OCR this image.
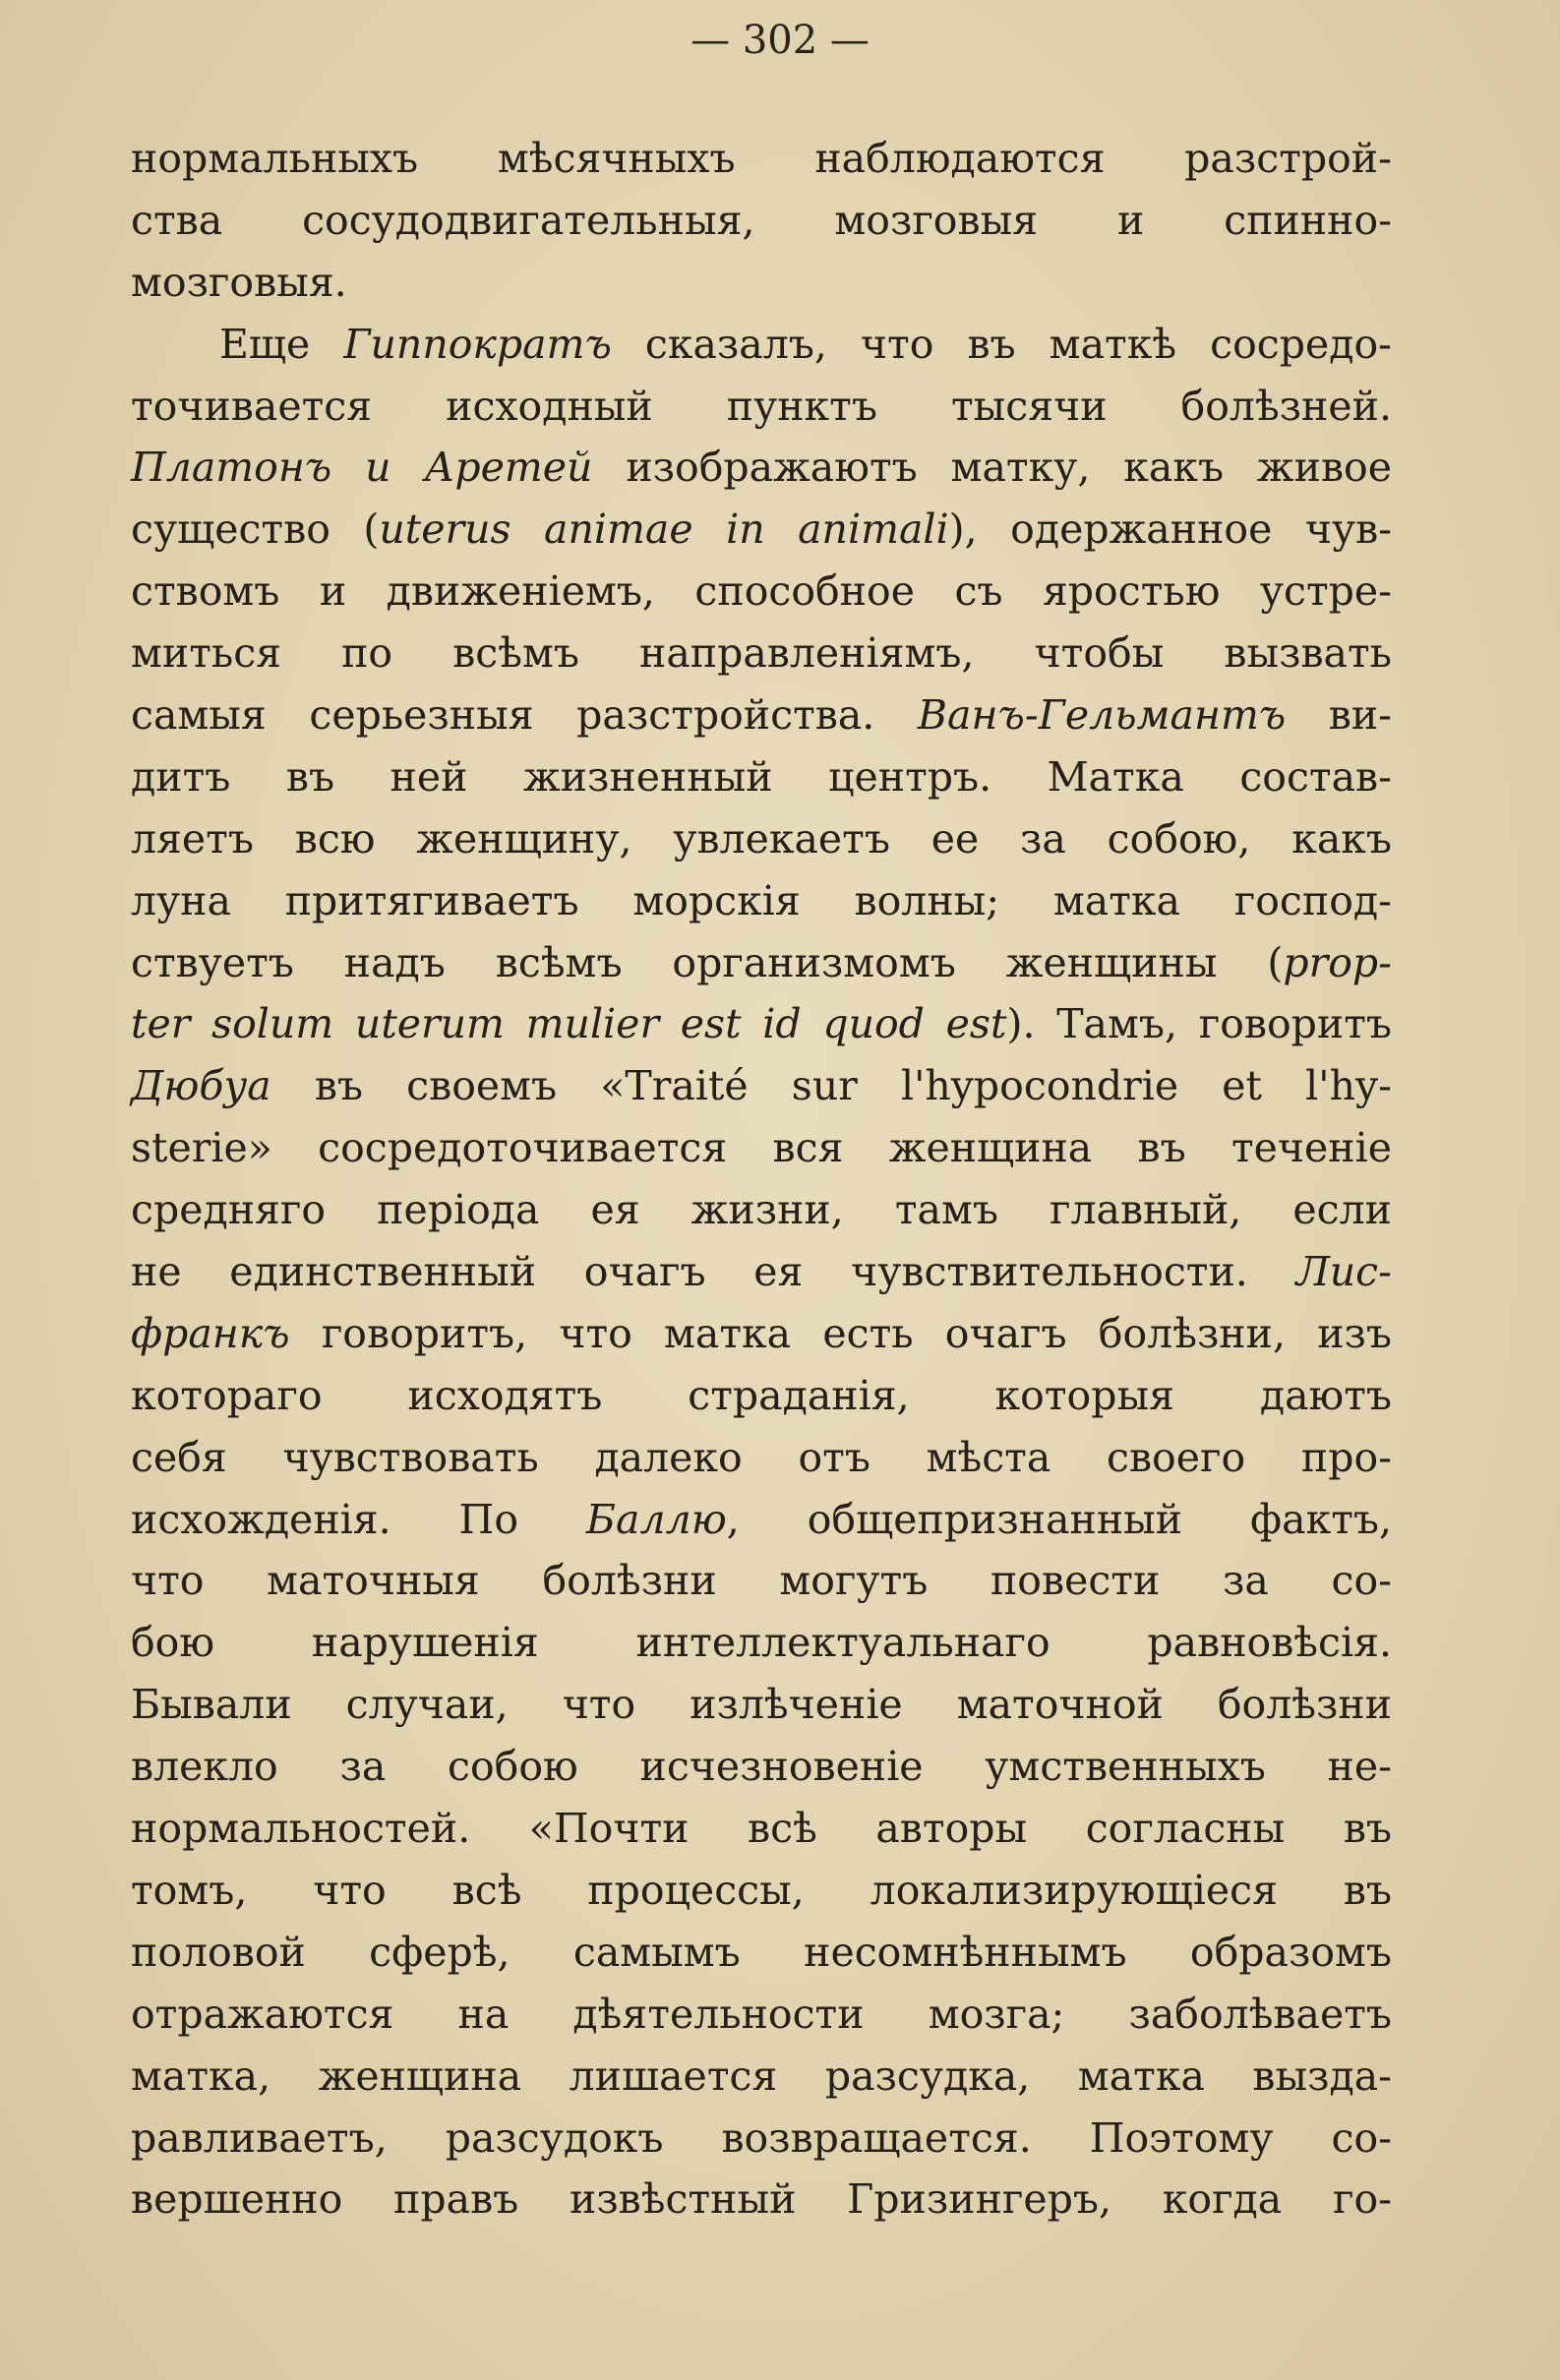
— 302 —
нормальныхъ мѣсячныхъ наблюдаются разстрой-
ства сосудодвигательныя, мозговыя и спинно-
мозговыя.
Еще Гиппократъ сказалъ, что въ маткѣ сосредо-
точивается исходный пунктъ тысячи болѣзней.
Платонъ и Аретей изображаютъ матку, какъ живое
существо (uterus animae in animali), одержанное чув-
ствомъ и движеніемъ, способное съ яростью устре-
миться по всѣмъ направленіямъ, чтобы вызвать
самыя серьезныя разстройства. Ванъ-Гельмантъ ви-
дитъ въ ней жизненный центръ. Матка состав-
ляетъ всю женщину, увлекаетъ ее за собою, какъ
луна притягиваетъ морскія волны; матка господ-
ствуетъ надъ всѣмъ организмомъ женщины (prop-
ter solum uterum mulier est id quod est). Тамъ, говоритъ
Дюбуа въ своемъ «Traité sur l'hypocondrie et l'hy-
sterie» сосредоточивается вся женщина въ теченіе
средняго періода ея жизни, тамъ главный, если
не единственный очагъ ея чувствительности. Лис-
франкъ говоритъ, что матка есть очагъ болѣзни, изъ
котораго исходятъ страданія, которыя даютъ
себя чувствовать далеко отъ мѣста своего про-
исхожденія. По Баллю, общепризнанный фактъ,
что маточныя болѣзни могутъ повести за со-
бою нарушенія интеллектуальнаго равновѣсія.
Бывали случаи, что излѣченіе маточной болѣзни
влекло за собою исчезновеніе умственныхъ не-
нормальностей. «Почти всѣ авторы согласны въ
томъ, что всѣ процессы, локализирующіеся въ
половой сферѣ, самымъ несомнѣннымъ образомъ
отражаются на дѣятельности мозга; заболѣваетъ
матка, женщина лишается разсудка, матка выздa-
равливаетъ, разсудокъ возвращается. Поэтому со-
вершенно правъ извѣстный Гризингеръ, когда го-
